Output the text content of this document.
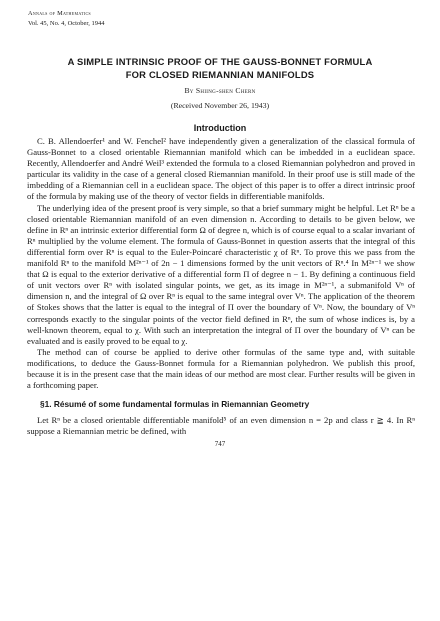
Annals of Mathematics
Vol. 45, No. 4, October, 1944
A SIMPLE INTRINSIC PROOF OF THE GAUSS-BONNET FORMULA
FOR CLOSED RIEMANNIAN MANIFOLDS
By Shiing-shen Chern
(Received November 26, 1943)
Introduction

C. B. Allendoerfer¹ and W. Fenchel² have independently given a generalization of the classical formula of Gauss-Bonnet to a closed orientable Riemannian manifold which can be imbedded in a euclidean space. Recently, Allendoerfer and André Weil³ extended the formula to a closed Riemannian polyhedron and proved in particular its validity in the case of a general closed Riemannian manifold. In their proof use is still made of the imbedding of a Riemannian cell in a euclidean space. The object of this paper is to offer a direct intrinsic proof of the formula by making use of the theory of vector fields in differentiable manifolds.

The underlying idea of the present proof is very simple, so that a brief summary might be helpful. Let Rⁿ be a closed orientable Riemannian manifold of an even dimension n. According to details to be given below, we define in Rⁿ an intrinsic exterior differential form Ω of degree n, which is of course equal to a scalar invariant of Rⁿ multiplied by the volume element. The formula of Gauss-Bonnet in question asserts that the integral of this differential form over Rⁿ is equal to the Euler-Poincaré characteristic χ of Rⁿ. To prove this we pass from the manifold Rⁿ to the manifold M²ⁿ⁻¹ of 2n − 1 dimensions formed by the unit vectors of Rⁿ.⁴ In M²ⁿ⁻¹ we show that Ω is equal to the exterior derivative of a differential form Π of degree n − 1. By defining a continuous field of unit vectors over Rⁿ with isolated singular points, we get, as its image in M²ⁿ⁻¹, a submanifold Vⁿ of dimension n, and the integral of Ω over Rⁿ is equal to the same integral over Vⁿ. The application of the theorem of Stokes shows that the latter is equal to the integral of Π over the boundary of Vⁿ. Now, the boundary of Vⁿ corresponds exactly to the singular points of the vector field defined in Rⁿ, the sum of whose indices is, by a well-known theorem, equal to χ. With such an interpretation the integral of Π over the boundary of Vⁿ can be evaluated and is easily proved to be equal to χ.

The method can of course be applied to derive other formulas of the same type and, with suitable modifications, to deduce the Gauss-Bonnet formula for a Riemannian polyhedron. We publish this proof, because it is in the present case that the main ideas of our method are most clear. Further results will be given in a forthcoming paper.

§1. Résumé of some fundamental formulas in Riemannian Geometry

Let Rⁿ be a closed orientable differentiable manifold⁵ of an even dimension n = 2p and class r ≧ 4. In Rⁿ suppose a Riemannian metric be defined, with

747
